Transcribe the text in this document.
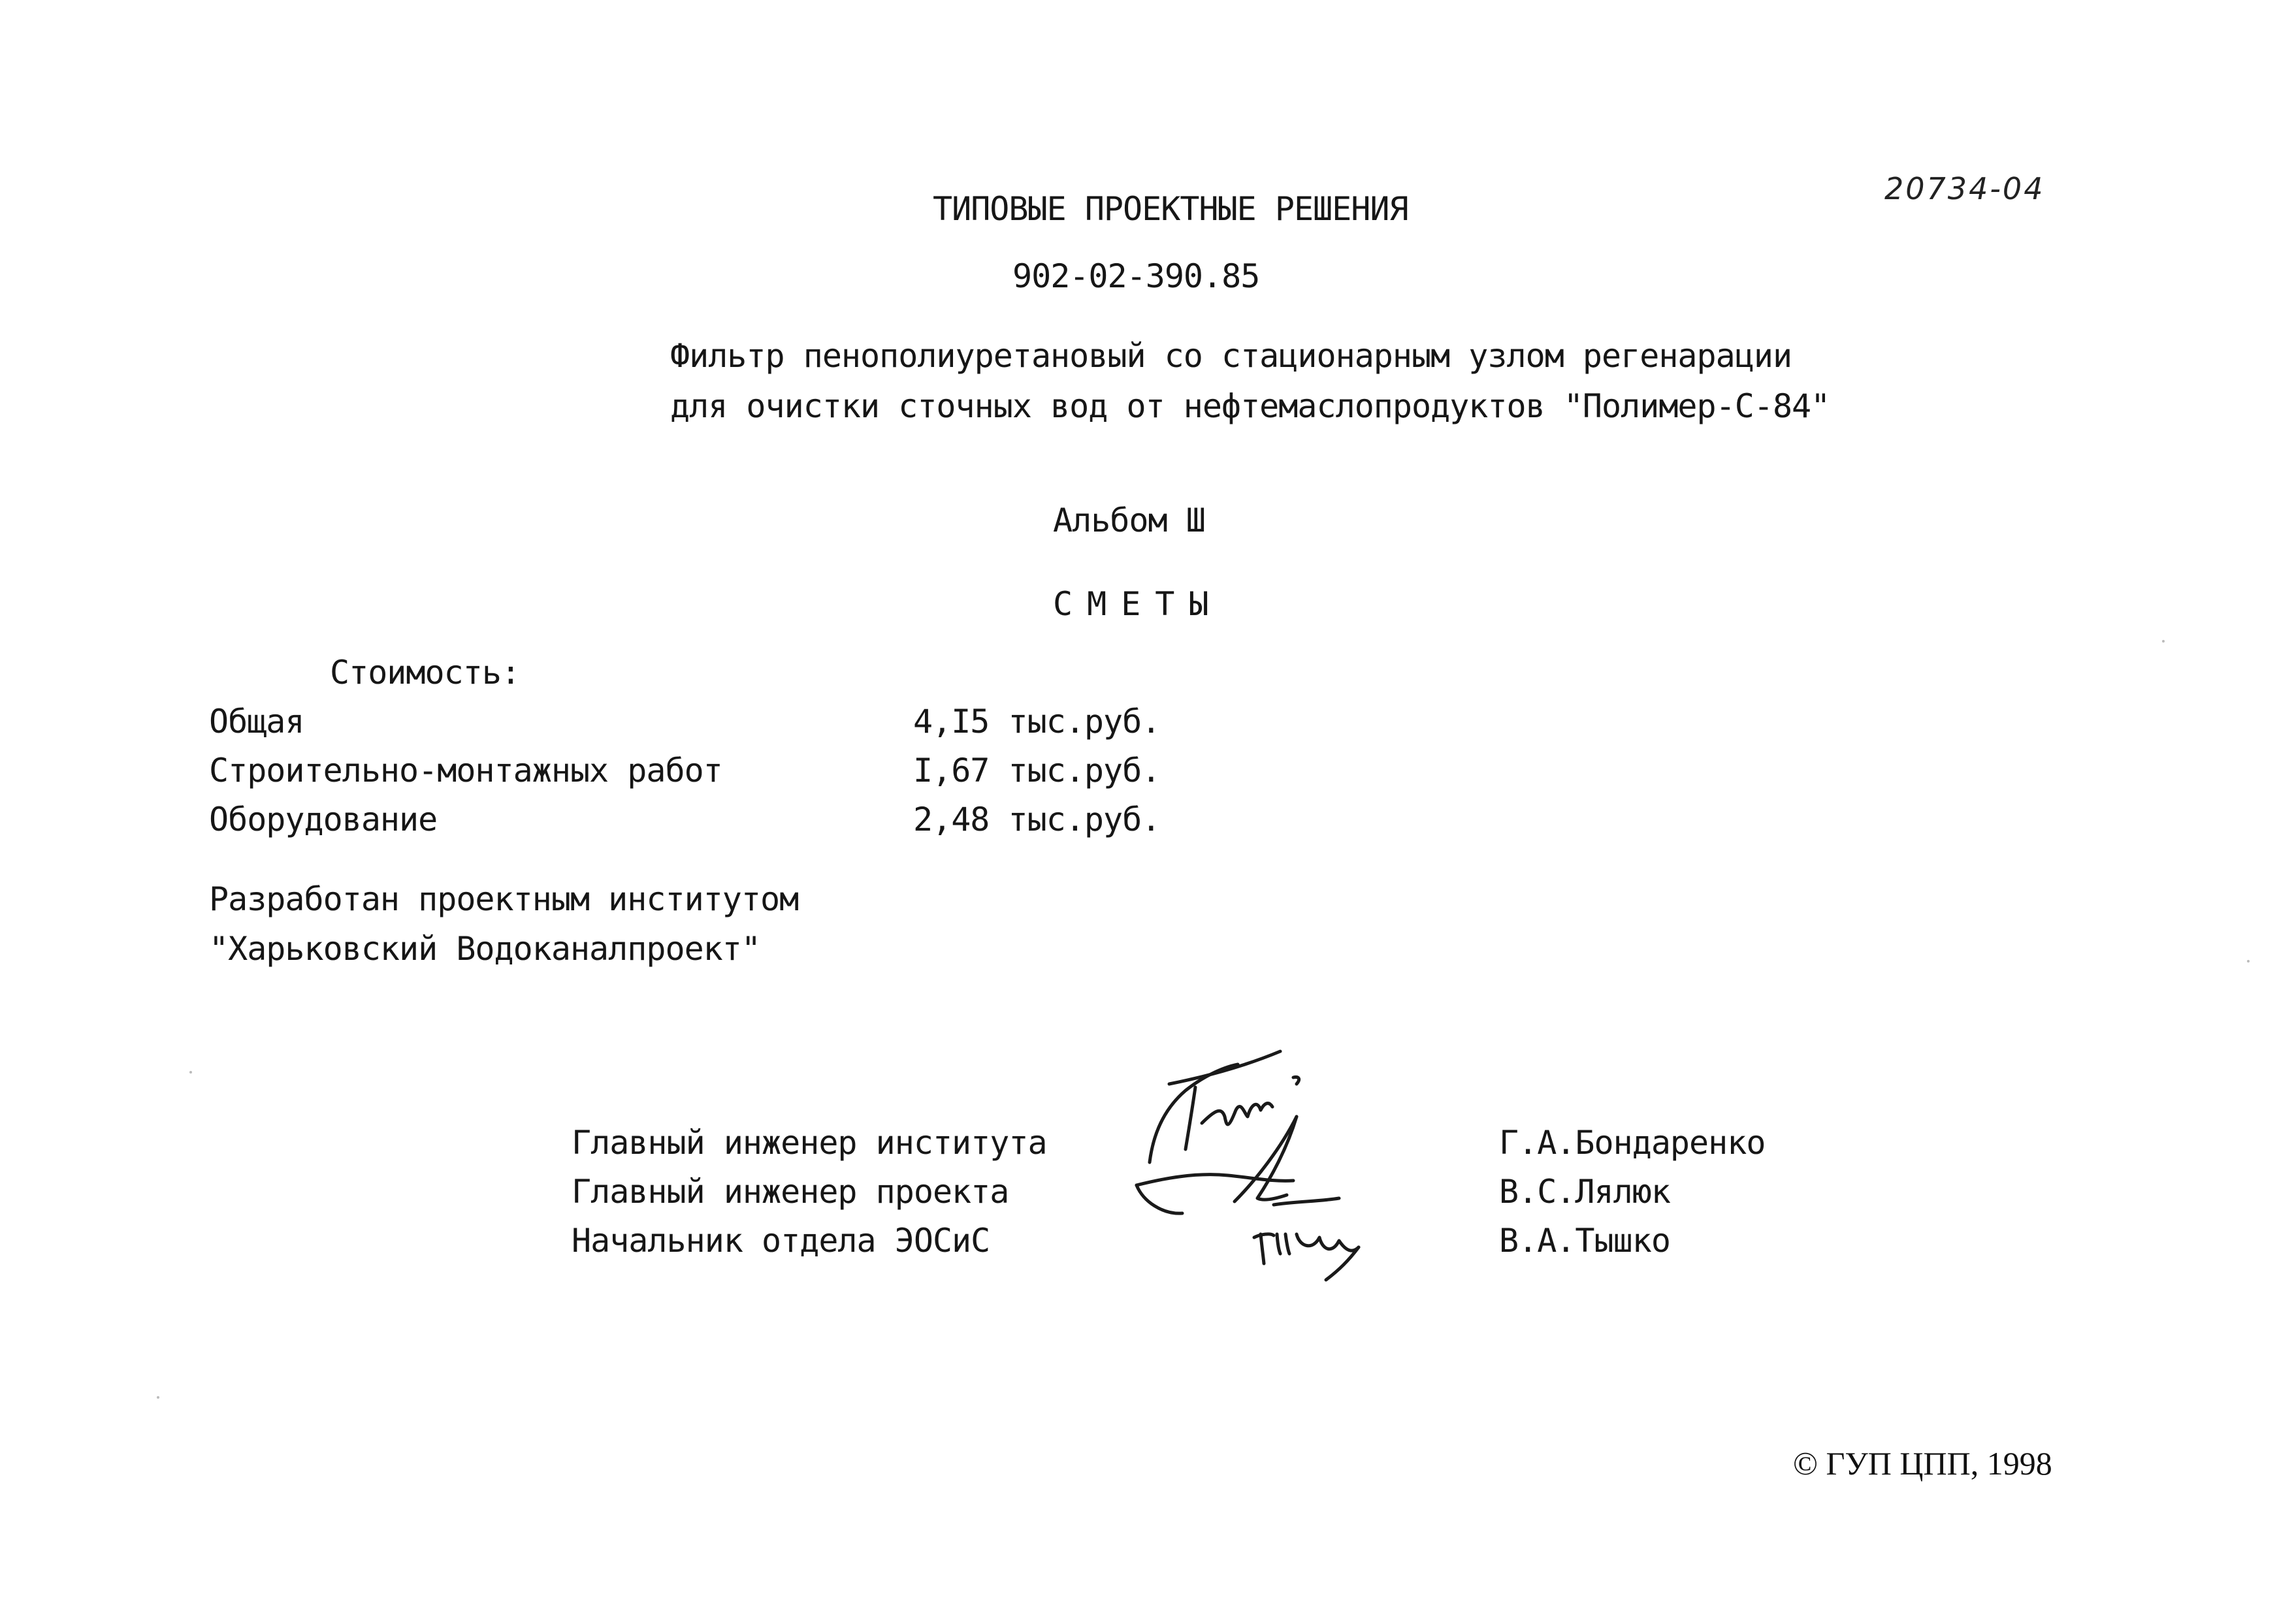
20734-04
ТИПОВЫЕ ПРОЕКТНЫЕ РЕШЕНИЯ
902-02-390.85
Фильтр пенополиуретановый со стационарным узлом регенарации
для очистки сточных вод от нефтемаслопродуктов "Полимер-С-84"
Альбом Ш
СМЕТЫ
Стоимость:
Общая	4,I5 тыс.руб.
Строительно-монтажных работ	I,67 тыс.руб.
Оборудование	2,48 тыс.руб.
Разработан проектным институтом
"Харьковский Водоканалпроект"
Главный инженер института	Г.А.Бондаренко
Главный инженер проекта	В.С.Лялюк
Начальник отдела ЭОСиС	В.А.Тышко
© ГУП ЦПП, 1998
